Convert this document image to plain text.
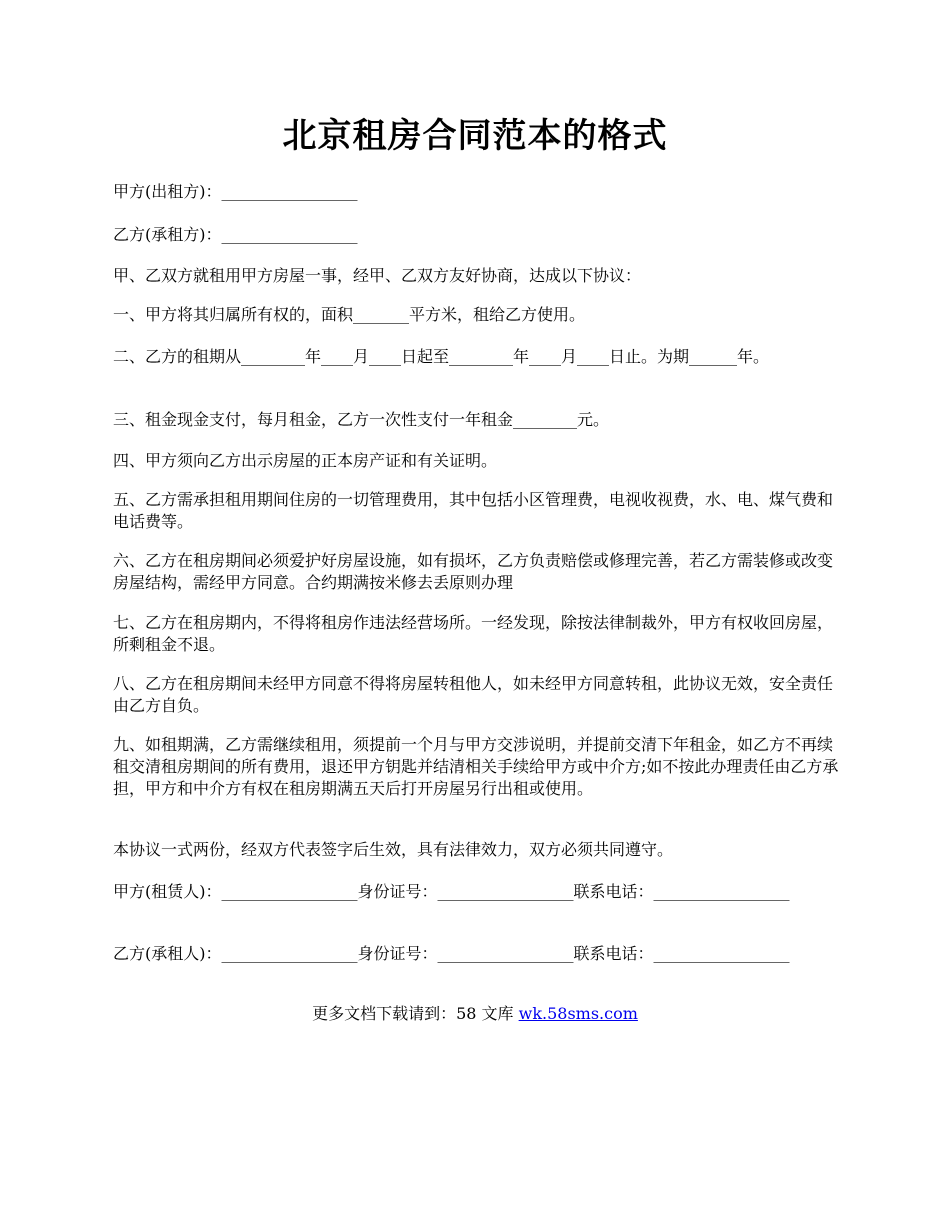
北京租房合同范本的格式

甲方(出租方)：_________________

乙方(承租方)：_________________

甲、乙双方就租用甲方房屋一事，经甲、乙双方友好协商，达成以下协议：

一、甲方将其归属所有权的，面积_______平方米，租给乙方使用。

二、乙方的租期从________年____月____日起至________年____月____日止。为期______年。

三、租金现金支付，每月租金，乙方一次性支付一年租金________元。

四、甲方须向乙方出示房屋的正本房产证和有关证明。

五、乙方需承担租用期间住房的一切管理费用，其中包括小区管理费，电视收视费，水、电、煤气费和电话费等。

六、乙方在租房期间必须爱护好房屋设施，如有损坏，乙方负责赔偿或修理完善，若乙方需装修或改变房屋结构，需经甲方同意。合约期满按米修去丢原则办理

七、乙方在租房期内，不得将租房作违法经营场所。一经发现，除按法律制裁外，甲方有权收回房屋，所剩租金不退。

八、乙方在租房期间未经甲方同意不得将房屋转租他人，如未经甲方同意转租，此协议无效，安全责任由乙方自负。

九、如租期满，乙方需继续租用，须提前一个月与甲方交涉说明，并提前交清下年租金，如乙方不再续租交清租房期间的所有费用，退还甲方钥匙并结清相关手续给甲方或中介方;如不按此办理责任由乙方承担，甲方和中介方有权在租房期满五天后打开房屋另行出租或使用。

本协议一式两份，经双方代表签字后生效，具有法律效力，双方必须共同遵守。

甲方(租赁人)：_________________身份证号：_________________联系电话：_________________

乙方(承租人)：_________________身份证号：_________________联系电话：_________________

更多文档下载请到：58 文库 wk.58sms.com
